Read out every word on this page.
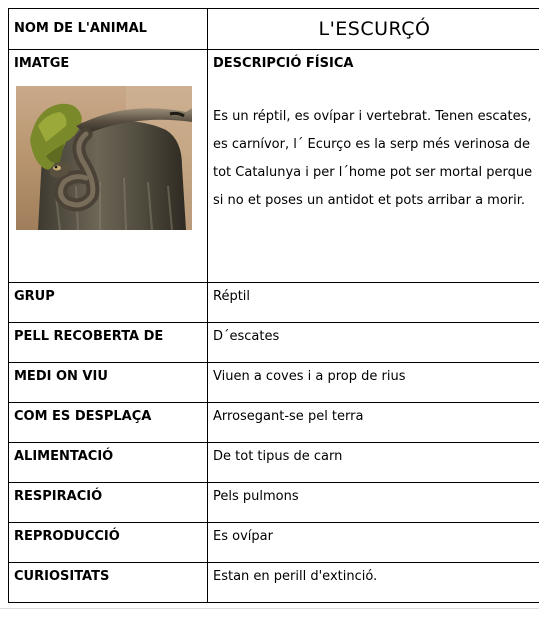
NOM DE L'ANIMAL	L'ESCURÇÓ

IMATGE	DESCRIPCIÓ FÍSICA
Es un réptil, es ovípar i vertebrat. Tenen escates, es carnívor, l´ Ecurço es la serp més verinosa de tot Catalunya i per l´home pot ser mortal perque si no et poses un antidot et pots arribar a morir.

GRUP	Réptil

PELL RECOBERTA DE	D´escates

MEDI ON VIU	Viuen a coves i a prop de rius

COM ES DESPLAÇA	Arrosegant-se pel terra

ALIMENTACIÓ	De tot tipus de carn

RESPIRACIÓ	Pels pulmons

REPRODUCCIÓ	Es ovípar

CURIOSITATS	Estan en perill d'extinció.
